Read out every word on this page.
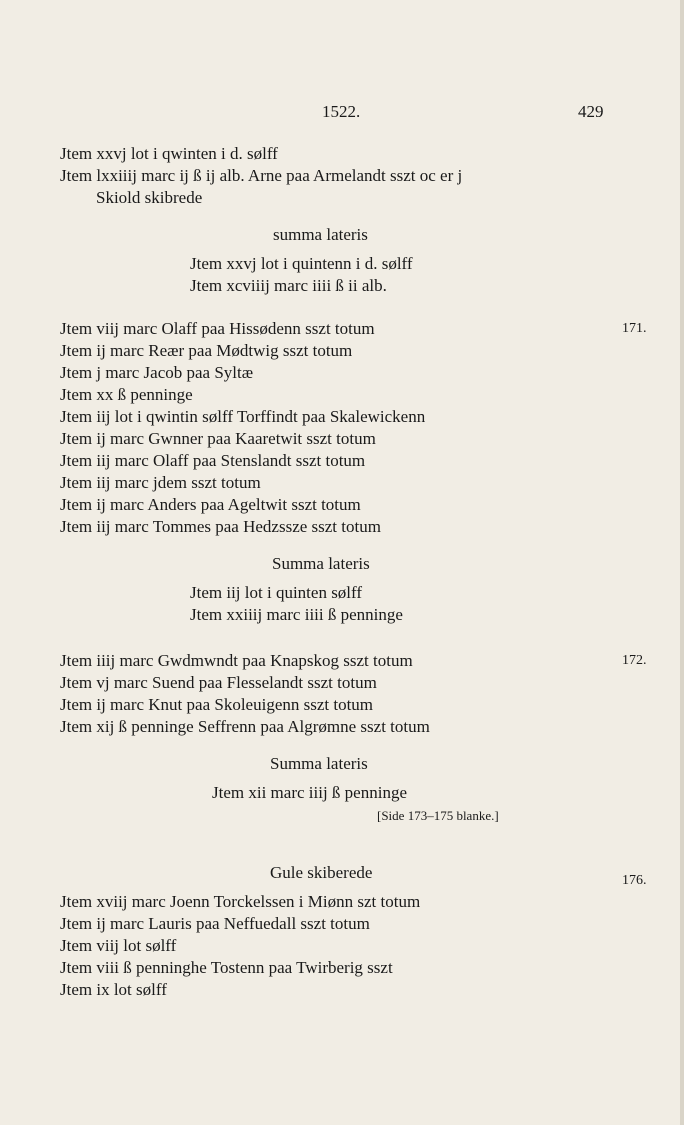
1522.	429
Jtem xxvj lot i qwinten i d. sølff
Jtem lxxiiij marc ij ß ij alb. Arne paa Armelandt sszt oc er j
Skiold skibrede
summa lateris
Jtem xxvj lot i quintenn i d. sølff
Jtem xcviiij marc iiii ß ii alb.
Jtem viij marc Olaff paa Hissødenn sszt totum	171.
Jtem ij marc Reær paa Mødtwig sszt totum
Jtem j marc Jacob paa Syltæ
Jtem xx ß penninge
Jtem iij lot i qwintin sølff Torffindt paa Skalewickenn
Jtem ij marc Gwnner paa Kaaretwit sszt totum
Jtem iij marc Olaff paa Stenslandt sszt totum
Jtem iij marc jdem sszt totum
Jtem ij marc Anders paa Ageltwit sszt totum
Jtem iij marc Tommes paa Hedzssze sszt totum
Summa lateris
Jtem iij lot i quinten sølff
Jtem xxiiij marc iiii ß penninge
Jtem iiij marc Gwdmwndt paa Knapskog sszt totum	172.
Jtem vj marc Suend paa Flesselandt sszt totum
Jtem ij marc Knut paa Skoleuigenn sszt totum
Jtem xij ß penninge Seffrenn paa Algrømne sszt totum
Summa lateris
Jtem xii marc iiij ß penninge
[Side 173–175 blanke.]
Gule skiberede	176.
Jtem xviij marc Joenn Torckelssen i Miønn szt totum
Jtem ij marc Lauris paa Neffuedall sszt totum
Jtem viij lot sølff
Jtem viii ß penninghe Tostenn paa Twirberig sszt
Jtem ix lot sølff
